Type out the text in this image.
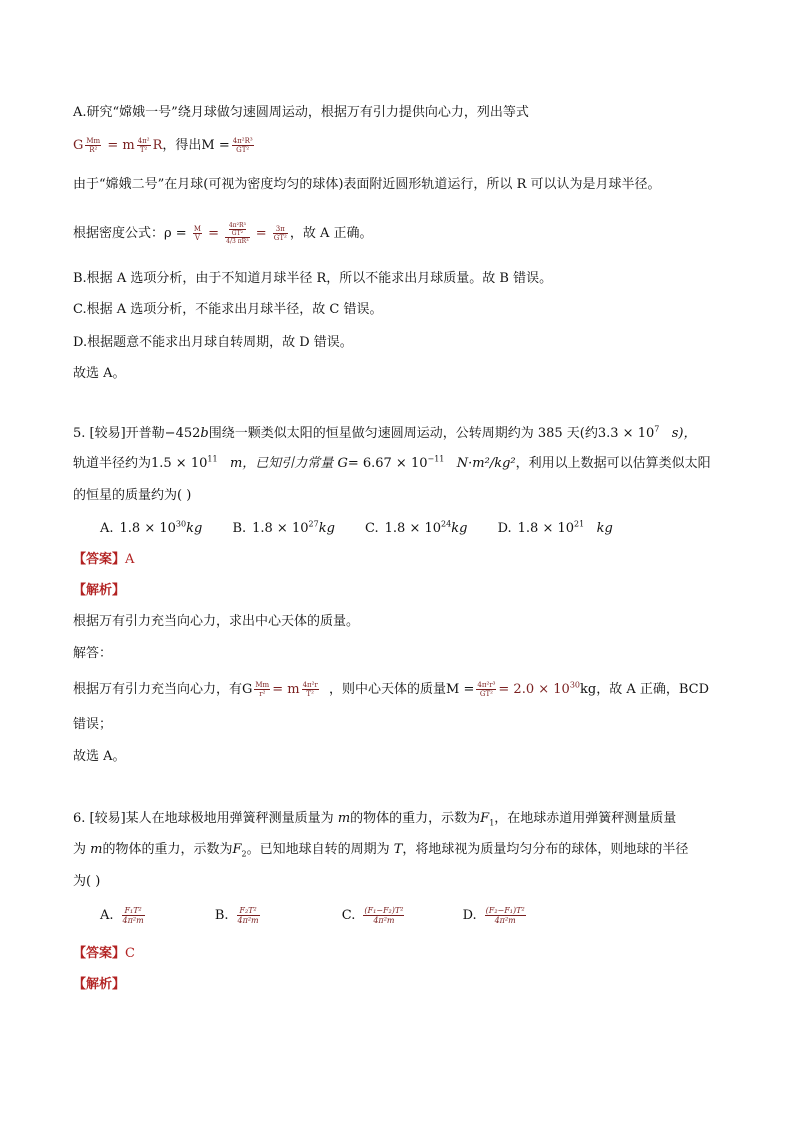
A.研究“嫦娥一号”绕月球做匀速圆周运动，根据万有引力提供向心力，列出等式
G $\frac{Mm}{\text{R²}} = m \frac{\text{4π²}}{\text{T²}}$ R，得出$M = \frac{\text{4π²R³}}{\text{GT²}}$
由于“嫦娥二号”在月球(可视为密度均匀的球体)表面附近圆形轨道运行，所以 R 可以认为是月球半径。
根据密度公式：$\rho = \frac{M}{V} = \frac{\frac{\text{4π²R³}}{\text{GT²}}}{\text{4/3 πR³}} = \frac{3\pi}{\text{GT²}}$ ，故 A 正确。
B.根据 A 选项分析，由于不知道月球半径 R，所以不能求出月球质量。故 B 错误。
C.根据 A 选项分析，不能求出月球半径，故 C 错误。
D.根据题意不能求出月球自转周期，故 D 错误。
故选 A。
5. [较易]开普勒−452b围绕一颗类似太阳的恒星做匀速圆周运动，公转周期约为 385 天(约$3.3 \times 10^7$ s)，
轨道半径约为$1.5 \times 10^{11}$ m，已知引力常量 $G= 6.67 \times 10^{-11}$ N·m²/kg²，利用以上数据可以估算类似太阳
的恒星的质量约为( )
A. $1.8 \times 10^{30}kg$ B. $1.8 \times 10^{27}kg$ C. $1.8 \times 10^{24}kg$ D. $1.8 \times 10^{21}$ kg
【答案】A
【解析】
根据万有引力充当向心力，求出中心天体的质量。
解答：
根据万有引力充当向心力，有G $\frac{Mm}{\text{r²}} = m \frac{\text{4π²r}}{\text{T²}}$ ，则中心天体的质量$M = \frac{\text{4π²r³}}{\text{GT²}} = 2.0 \times 10^{30}kg$，故 A 正确，BCD
错误；
故选 A。
6. [较易]某人在地球极地用弹簧秤测量质量为 m的物体的重力，示数为$F_1$，在地球赤道用弹簧秤测量质量
为 m的物体的重力，示数为$F_2$。已知地球自转的周期为 T，将地球视为质量均匀分布的球体，则地球的半径
为( )
A. $\frac{\text{F₁T²}}{\text{4π²m}}$	B. $\frac{\text{F₂T²}}{\text{4π²m}}$	C. $\frac{\text{(F₁−F₂)T²}}{\text{4π²m}}$	D. $\frac{\text{(F₂−F₁)T²}}{\text{4π²m}}$
【答案】C
【解析】
